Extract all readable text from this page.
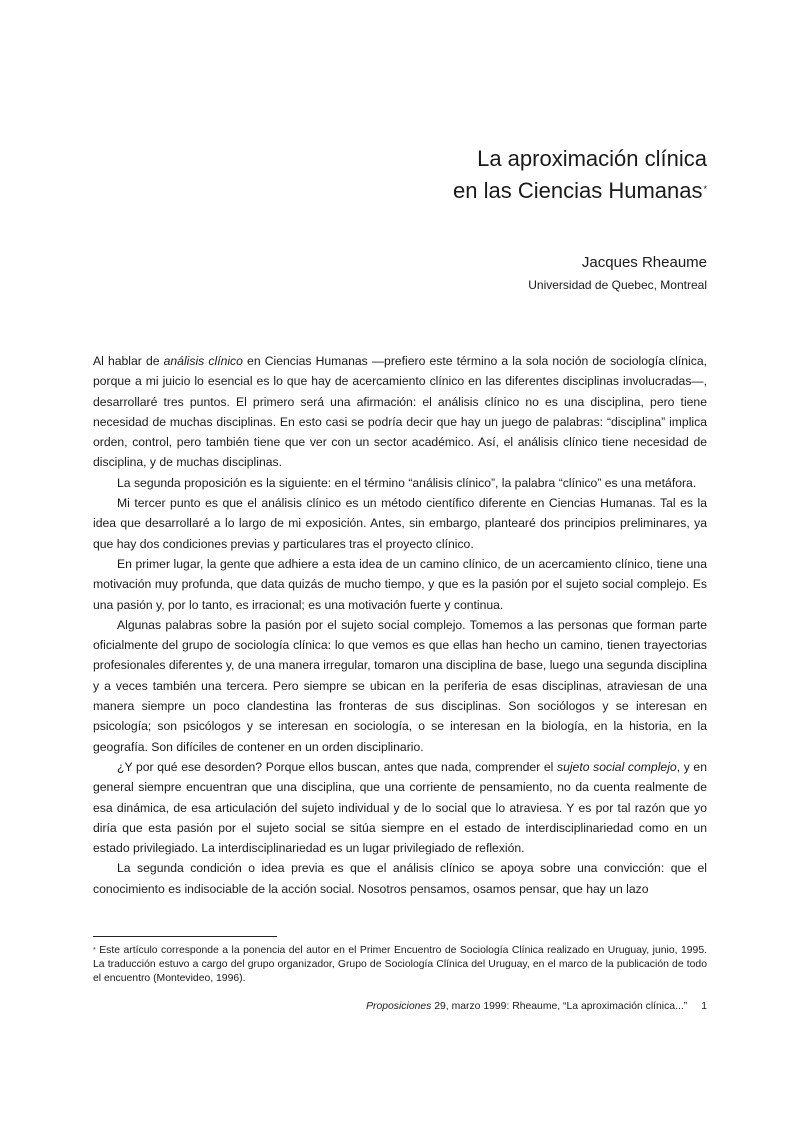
La aproximación clínica
en las Ciencias Humanas*
Jacques Rheaume
Universidad de Quebec, Montreal

Al hablar de análisis clínico en Ciencias Humanas —prefiero este término a la sola noción de sociología clínica, porque a mi juicio lo esencial es lo que hay de acercamiento clínico en las diferentes disciplinas involucradas—, desarrollaré tres puntos. El primero será una afirmación: el análisis clínico no es una disciplina, pero tiene necesidad de muchas disciplinas. En esto casi se podría decir que hay un juego de palabras: “disciplina” implica orden, control, pero también tiene que ver con un sector académico. Así, el análisis clínico tiene necesidad de disciplina, y de muchas disciplinas.

La segunda proposición es la siguiente: en el término “análisis clínico”, la palabra “clínico” es una metáfora.

Mi tercer punto es que el análisis clínico es un método científico diferente en Ciencias Humanas. Tal es la idea que desarrollaré a lo largo de mi exposición. Antes, sin embargo, plantearé dos principios preliminares, ya que hay dos condiciones previas y particulares tras el proyecto clínico.

En primer lugar, la gente que adhiere a esta idea de un camino clínico, de un acercamiento clínico, tiene una motivación muy profunda, que data quizás de mucho tiempo, y que es la pasión por el sujeto social complejo. Es una pasión y, por lo tanto, es irracional; es una motivación fuerte y continua.

Algunas palabras sobre la pasión por el sujeto social complejo. Tomemos a las personas que forman parte oficialmente del grupo de sociología clínica: lo que vemos es que ellas han hecho un camino, tienen trayectorias profesionales diferentes y, de una manera irregular, tomaron una disciplina de base, luego una segunda disciplina y a veces también una tercera. Pero siempre se ubican en la periferia de esas disciplinas, atraviesan de una manera siempre un poco clandestina las fronteras de sus disciplinas. Son sociólogos y se interesan en psicología; son psicólogos y se interesan en sociología, o se interesan en la biología, en la historia, en la geografía. Son difíciles de contener en un orden disciplinario.

¿Y por qué ese desorden? Porque ellos buscan, antes que nada, comprender el sujeto social complejo, y en general siempre encuentran que una disciplina, que una corriente de pensamiento, no da cuenta realmente de esa dinámica, de esa articulación del sujeto individual y de lo social que lo atraviesa. Y es por tal razón que yo diría que esta pasión por el sujeto social se sitúa siempre en el estado de interdisciplinariedad como en un estado privilegiado. La interdisciplinariedad es un lugar privilegiado de reflexión.

La segunda condición o idea previa es que el análisis clínico se apoya sobre una convicción: que el conocimiento es indisociable de la acción social. Nosotros pensamos, osamos pensar, que hay un lazo

* Este artículo corresponde a la ponencia del autor en el Primer Encuentro de Sociología Clínica realizado en Uruguay, junio, 1995. La traducción estuvo a cargo del grupo organizador, Grupo de Sociología Clínica del Uruguay, en el marco de la publicación de todo el encuentro (Montevideo, 1996).
Proposiciones 29, marzo 1999: Rheaume, “La aproximación clínica...” 1
